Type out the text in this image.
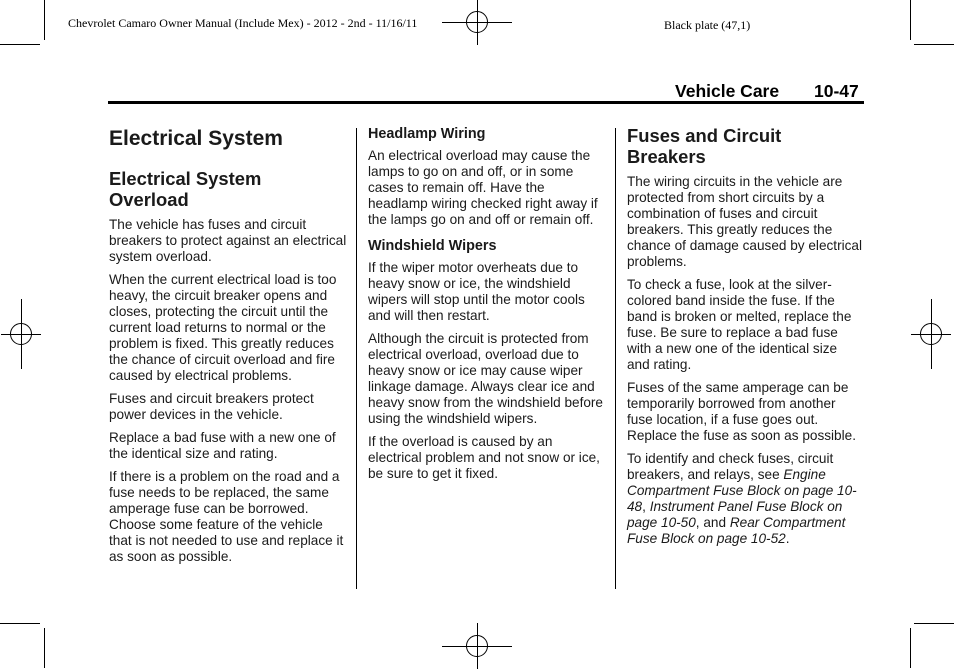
Chevrolet Camaro Owner Manual (Include Mex) - 2012 - 2nd - 11/16/11	Black plate (47,1)
Vehicle Care 10-47
Electrical System
Electrical System Overload

The vehicle has fuses and circuit breakers to protect against an electrical system overload.

When the current electrical load is too heavy, the circuit breaker opens and closes, protecting the circuit until the current load returns to normal or the problem is fixed. This greatly reduces the chance of circuit overload and fire caused by electrical problems.

Fuses and circuit breakers protect power devices in the vehicle.

Replace a bad fuse with a new one of the identical size and rating.

If there is a problem on the road and a fuse needs to be replaced, the same amperage fuse can be borrowed. Choose some feature of the vehicle that is not needed to use and replace it as soon as possible.

Headlamp Wiring

An electrical overload may cause the lamps to go on and off, or in some cases to remain off. Have the headlamp wiring checked right away if the lamps go on and off or remain off.

Windshield Wipers

If the wiper motor overheats due to heavy snow or ice, the windshield wipers will stop until the motor cools and will then restart.

Although the circuit is protected from electrical overload, overload due to heavy snow or ice may cause wiper linkage damage. Always clear ice and heavy snow from the windshield before using the windshield wipers.

If the overload is caused by an electrical problem and not snow or ice, be sure to get it fixed.

Fuses and Circuit Breakers

The wiring circuits in the vehicle are protected from short circuits by a combination of fuses and circuit breakers. This greatly reduces the chance of damage caused by electrical problems.

To check a fuse, look at the silver-colored band inside the fuse. If the band is broken or melted, replace the fuse. Be sure to replace a bad fuse with a new one of the identical size and rating.

Fuses of the same amperage can be temporarily borrowed from another fuse location, if a fuse goes out. Replace the fuse as soon as possible.

To identify and check fuses, circuit breakers, and relays, see Engine Compartment Fuse Block on page 10-48, Instrument Panel Fuse Block on page 10-50, and Rear Compartment Fuse Block on page 10-52.
